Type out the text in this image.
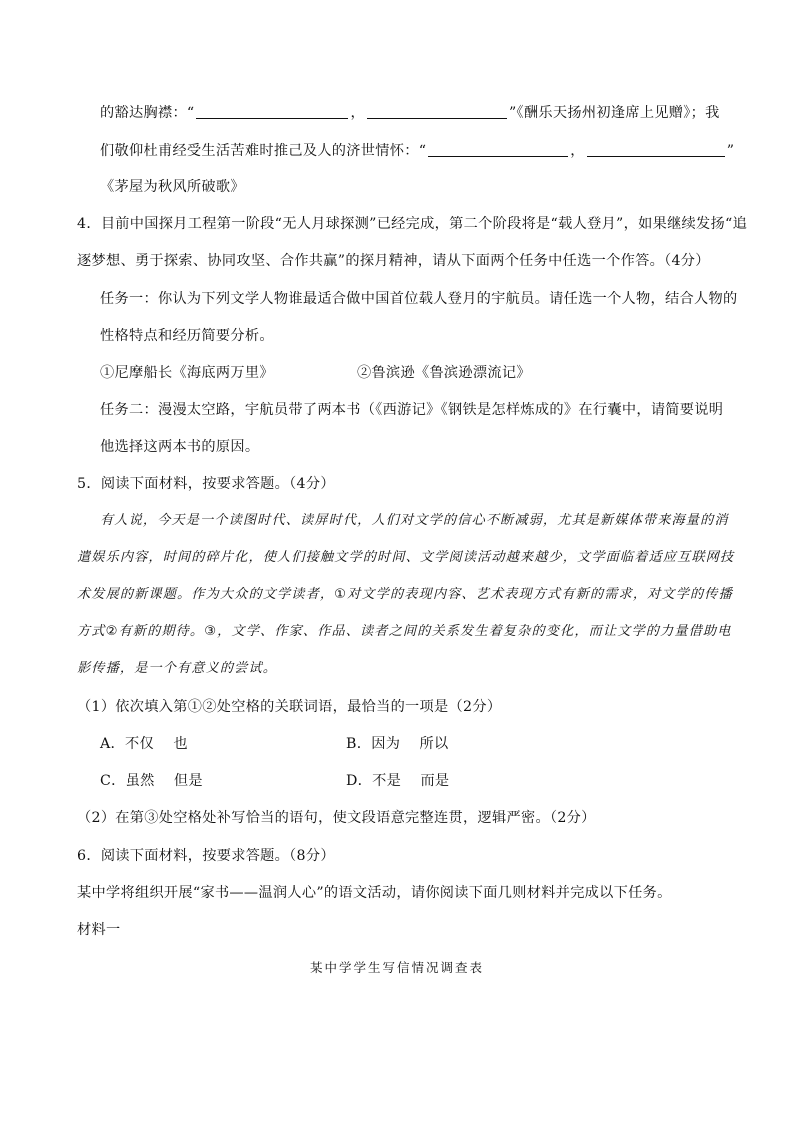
的豁达胸襟：“	，	”《酬乐天扬州初逢席上见赠》；我
们敬仰杜甫经受生活苦难时推己及人的济世情怀：“	，	”
《茅屋为秋风所破歌》
4．目前中国探月工程第一阶段“无人月球探测”已经完成，第二个阶段将是“载人登月”，如果继续发扬“追
逐梦想、勇于探索、协同攻坚、合作共赢”的探月精神，请从下面两个任务中任选一个作答。（4分）
任务一：你认为下列文学人物谁最适合做中国首位载人登月的宇航员。请任选一个人物，结合人物的
性格特点和经历简要分析。
①尼摩船长《海底两万里》	②鲁滨逊《鲁滨逊漂流记》
任务二：漫漫太空路，宇航员带了两本书（《西游记》《钢铁是怎样炼成的》在行囊中，请简要说明
他选择这两本书的原因。
5．阅读下面材料，按要求答题。（4分）
有人说，今天是一个读图时代、读屏时代，人们对文学的信心不断减弱，尤其是新媒体带来海量的消
遣娱乐内容，时间的碎片化，使人们接触文学的时间、文学阅读活动越来越少，文学面临着适应互联网技
术发展的新课题。作为大众的文学读者，①对文学的表现内容、艺术表现方式有新的需求，对文学的传播
方式②有新的期待。③，文学、作家、作品、读者之间的关系发生着复杂的变化，而让文学的力量借助电
影传播，是一个有意义的尝试。
（1）依次填入第①②处空格的关联词语，最恰当的一项是（2分）
A．不仅　 也	B．因为　 所以
C．虽然　 但是	D．不是　 而是
（2）在第③处空格处补写恰当的语句，使文段语意完整连贯，逻辑严密。（2分）
6．阅读下面材料，按要求答题。（8分）
某中学将组织开展“家书——温润人心”的语文活动，请你阅读下面几则材料并完成以下任务。
材料一
某中学学生写信情况调查表
